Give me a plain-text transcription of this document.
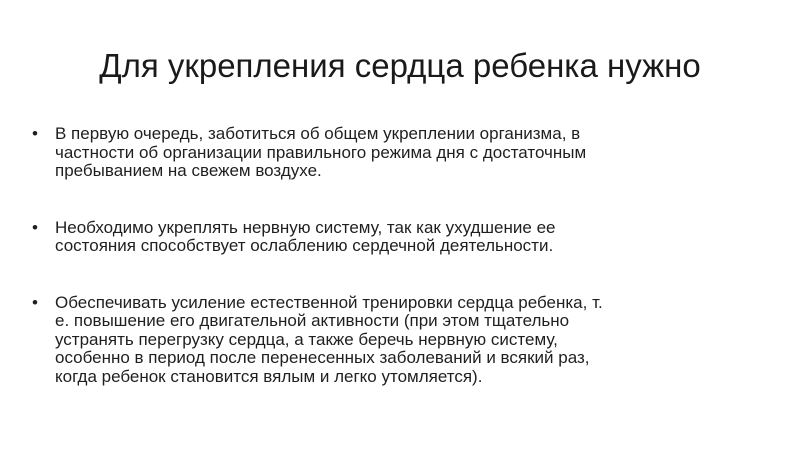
Для укрепления сердца ребенка нужно
•	В первую очередь, заботиться об общем укреплении организма, в
частности об организации правильного режима дня с достаточным
пребыванием на свежем воздухе.
•	Необходимо укреплять нервную систему, так как ухудшение ее
состояния способствует ослаблению сердечной деятельности.
•	Обеспечивать усиление естественной тренировки сердца ребенка, т.
е. повышение его двигательной активности (при этом тщательно
устранять перегрузку сердца, а также беречь нервную систему,
особенно в период после перенесенных заболеваний и всякий раз,
когда ребенок становится вялым и легко утомляется).
